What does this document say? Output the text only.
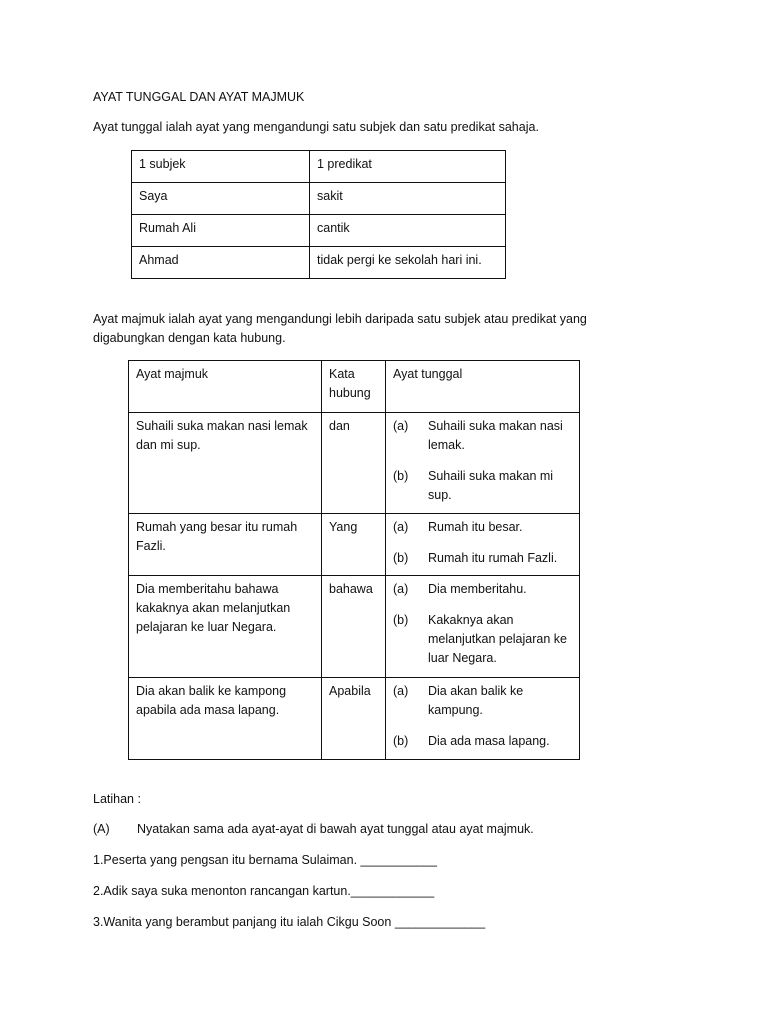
AYAT TUNGGAL DAN AYAT MAJMUK
Ayat tunggal ialah ayat yang mengandungi satu subjek dan satu predikat sahaja.
1 subjek	1 predikat
Saya	sakit
Rumah Ali	cantik
Ahmad	tidak pergi ke sekolah hari ini.
Ayat majmuk ialah ayat yang mengandungi lebih daripada satu subjek atau predikat yang
digabungkan dengan kata hubung.
Ayat majmuk	Kata hubung	Ayat tunggal
Suhaili suka makan nasi lemak dan mi sup.	dan	(a) Suhaili suka makan nasi lemak.
(b) Suhaili suka makan mi sup.

Rumah yang besar itu rumah Fazli.	Yang	(a) Rumah itu besar.
(b) Rumah itu rumah Fazli.

Dia memberitahu bahawa kakaknya akan melanjutkan pelajaran ke luar Negara.	bahawa	(a) Dia memberitahu.
(b) Kakaknya akan melanjutkan pelajaran ke luar Negara.

Dia akan balik ke kampong apabila ada masa lapang.	Apabila	(a) Dia akan balik ke kampung.
(b) Dia ada masa lapang.
Latihan :
(A) Nyatakan sama ada ayat-ayat di bawah ayat tunggal atau ayat majmuk.
1.Peserta yang pengsan itu bernama Sulaiman. ___________
2.Adik saya suka menonton rancangan kartun.____________
3.Wanita yang berambut panjang itu ialah Cikgu Soon _____________
